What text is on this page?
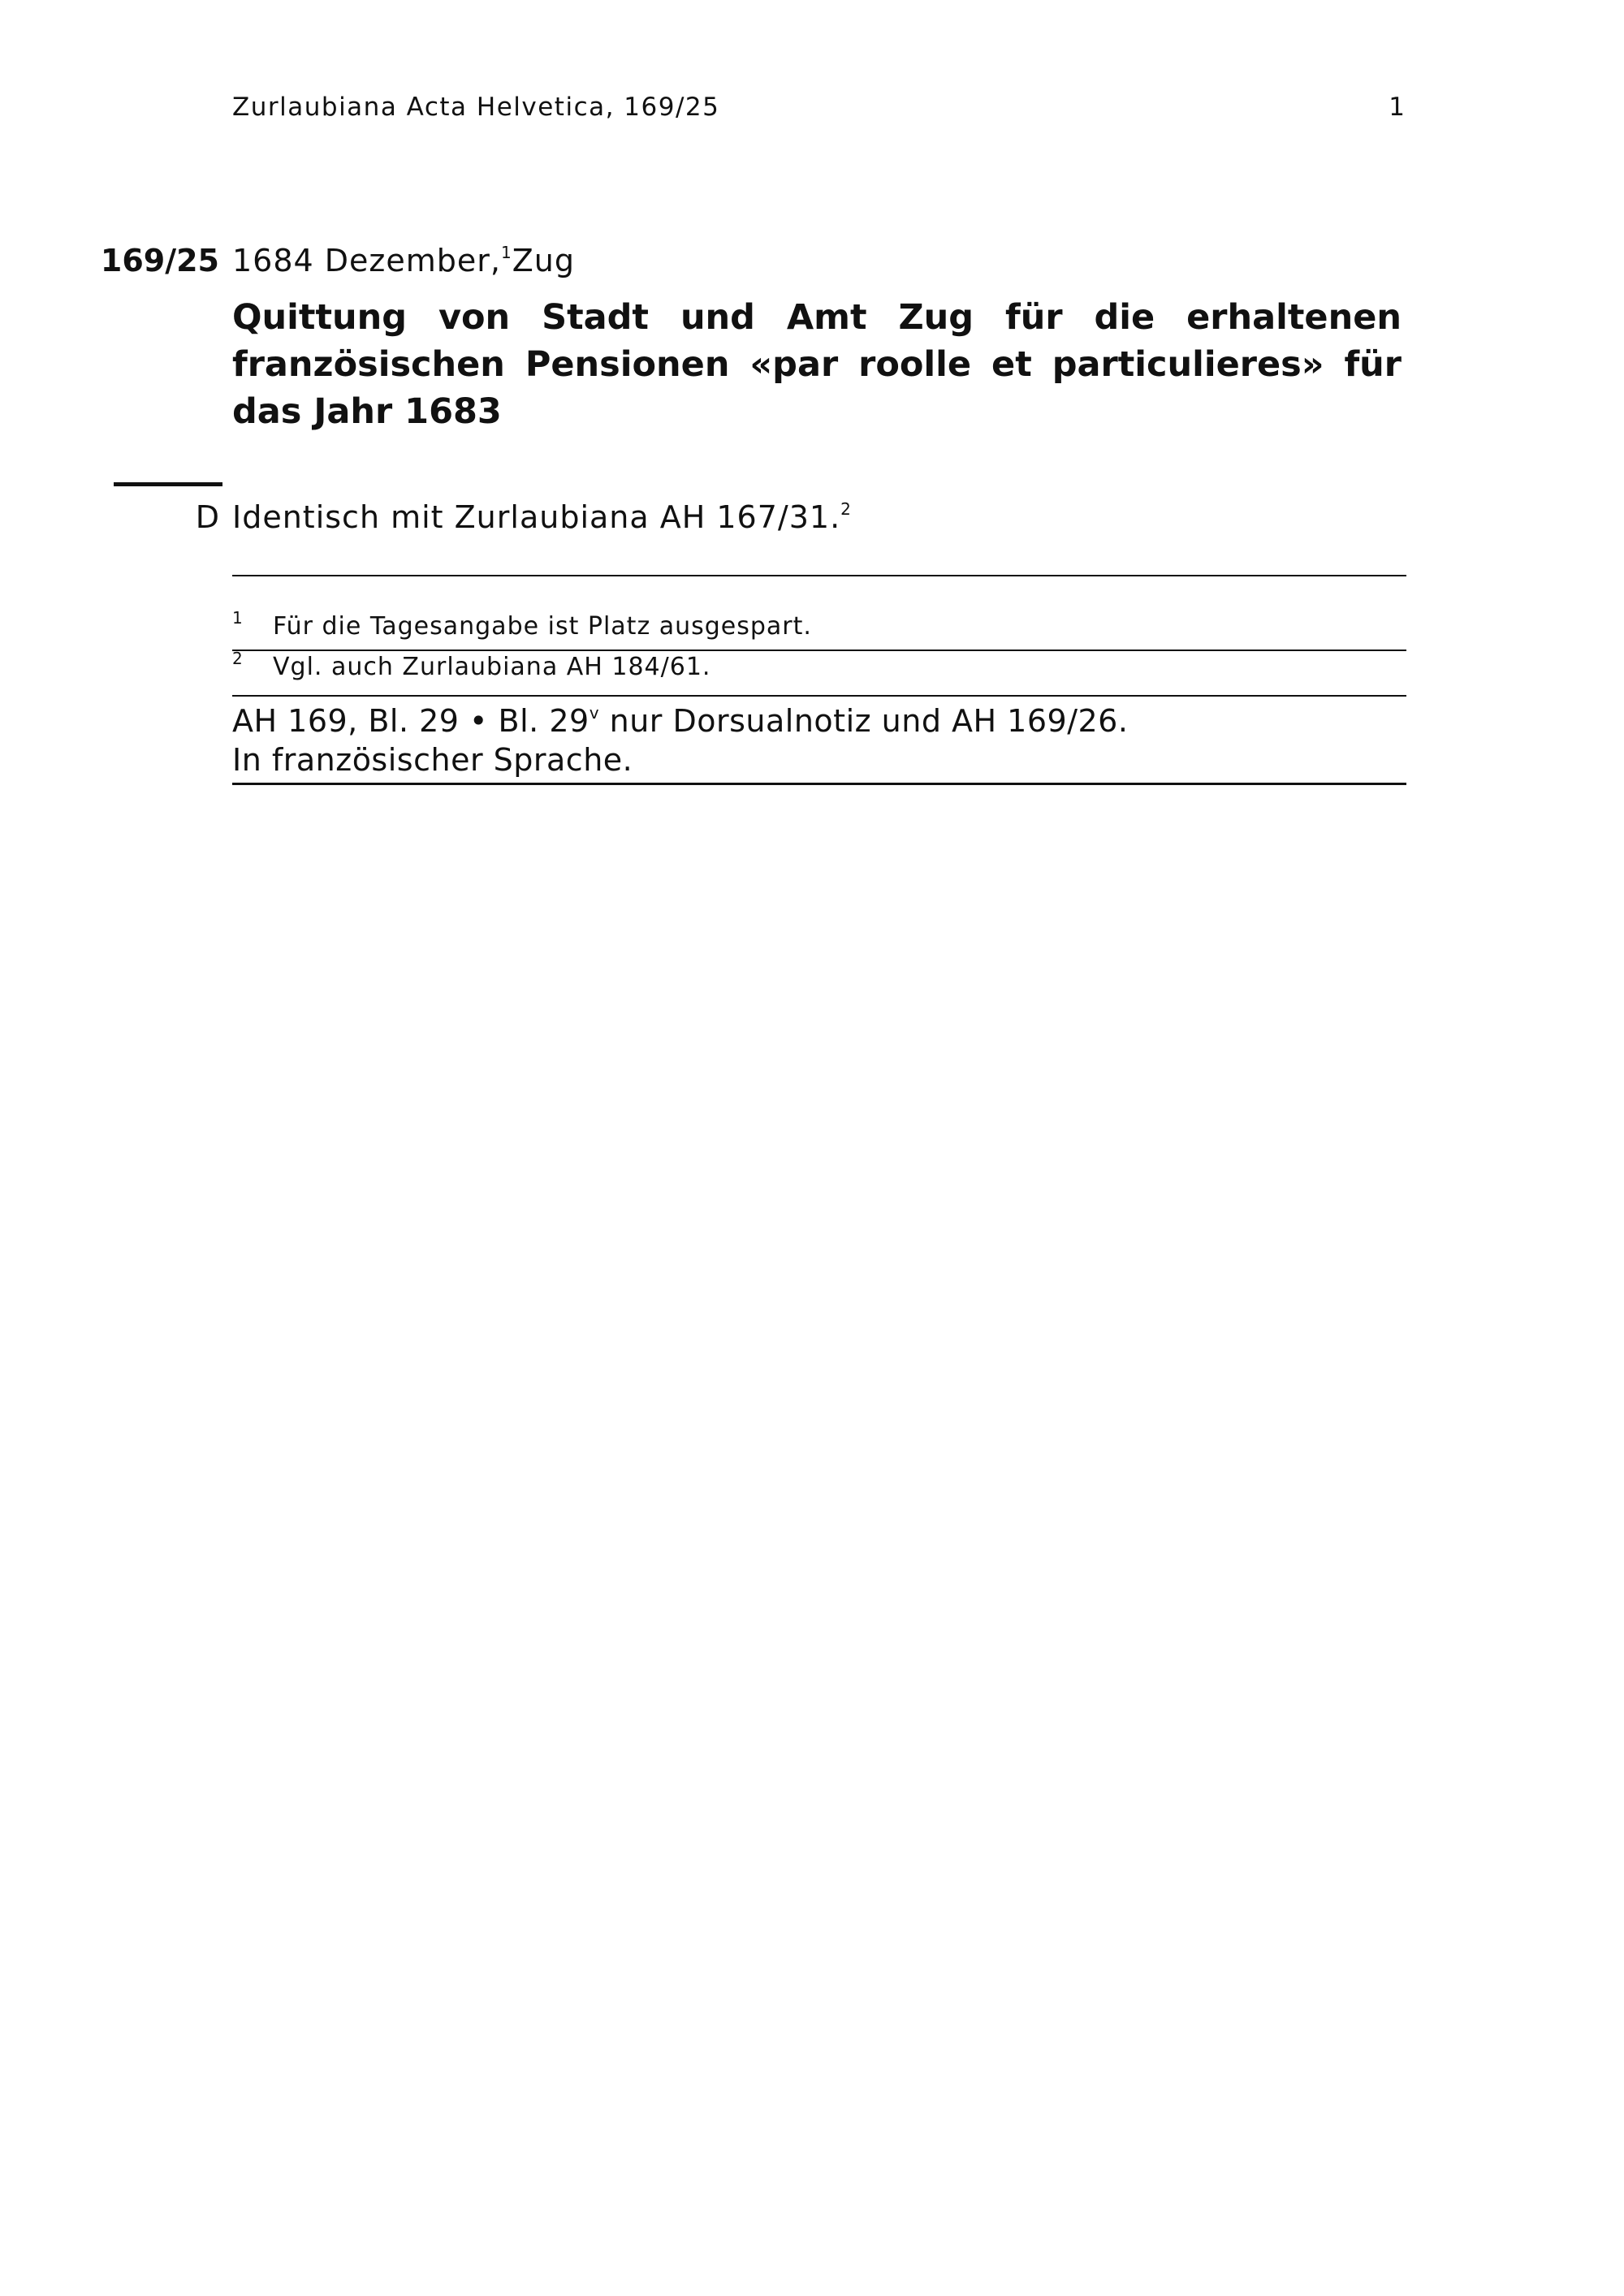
Zurlaubiana Acta Helvetica, 169/25	1
169/25 1684 Dezember,$^1$Zug
Quittung von Stadt und Amt Zug für die erhaltenen französischen Pensionen «par roolle et particulieres» für das Jahr 1683
D Identisch mit Zurlaubiana AH 167/31.$^2$
1 Für die Tagesangabe ist Platz ausgespart.
2 Vgl. auch Zurlaubiana AH 184/61.
AH 169, Bl. 29 • Bl. 29$^v$ nur Dorsualnotiz und AH 169/26.
In französischer Sprache.
